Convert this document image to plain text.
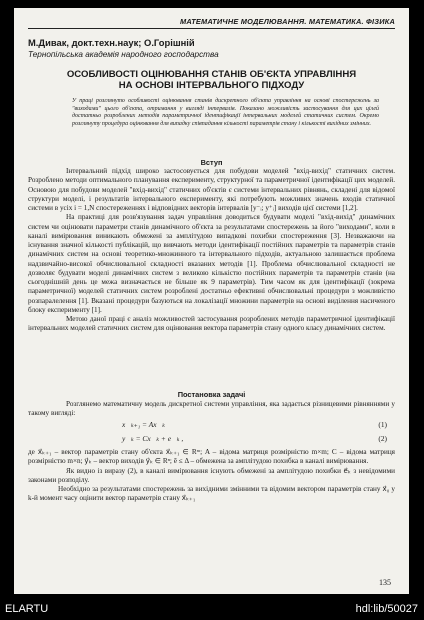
МАТЕМАТИЧНЕ МОДЕЛЮВАННЯ. МАТЕМАТИКА. ФІЗИКА
М.Дивак, докт.техн.наук; О.Горішній
Тернопільська академія народного господарства
ОСОБЛИВОСТІ ОЦІНЮВАННЯ СТАНІВ ОБ'ЄКТА УПРАВЛІННЯ
НА ОСНОВІ ІНТЕРВАЛЬНОГО ПІДХОДУ
У праці розглянуто особливості оцінювання станів дискретного об'єкта управління на основі спостережень за "виходами" цього об'єкта, отримання у вигляді інтервалів. Показано можливість застосування для цих цілей достатньо розроблених методів параметричної ідентифікації інтервальних моделей статичних систем. Окремо розглянуту процедура оцінювання для випадку співпадання кількості параметрів стану і кількості вихідних змінних.
Вступ

Інтервальний підхід широко застосовується для побудови моделей "вхід-вихід" статичних систем. Розроблено методи оптимального планування експерименту, структурної та параметричної ідентифікації цих моделей. Основою для побудови моделей "вхід-вихід" статичних об'єктів є системи інтервальних рівнянь, складені для відомої структури моделі, і результатів інтервального експерименту, які потребують можливих значень входів статичної системи в усіх i = 1,N спостереженнях і відповідних векторів інтервалів [y⁻ᵢ; y⁺ᵢ] виходів цієї системи [1,2].

На практиці для розв'язування задач управління доводиться будувати моделі "вхід-вихід" динамічних систем чи оцінювати параметри станів динамічного об'єкта за результатами спостережень за його "виходами", коли в каналі вимірювання виникають обмежені за амплітудою випадкові похибки спостереження [3]. Незважаючи на існування значної кількості публікацій, що вивчають методи ідентифікації постійних параметрів та параметрів станів динамічних систем на основі теоретико-множинного та інтервального підходів, актуальною залишається проблема надзвичайно-високої обчислювальної складності вказаних методів [1]. Проблема обчислювальної складності не дозволяє будувати моделі динамічних систем з великою кількістю постійних параметрів та параметрів станів (на сьогоднішній день це межа визначається не більше як 9 параметрів). Тим часом як для ідентифікації (зокрема параметричної) моделей статичних систем розроблені достатньо ефективні обчислювальні процедури з можливістю розпаралелення [1]. Вказані процедури базуються на локалізації множини параметрів на основі виділення насиченого блоку експерименту [1].

Метою даної праці є аналіз можливостей застосування розроблених методів параметричної ідентифікації інтервальних моделей статичних систем для оцінювання вектора параметрів стану одного класу динамічних систем.

Постановка задачі

Розглянемо математичну модель дискретної системи управління, яка задається різницевими рівняннями у такому вигляді:

x⃗ₖ₊₁ = Ax⃗ₖ	(1)
y⃗ₖ = Cx⃗ₖ + e⃗ₖ ,	(2)

де x⃗ₖ₊₁ – вектор параметрів стану об'єкта x⃗ₖ₊₁ ∈ Rᵐ; A – відома матриця розмірністю m×m; C – відома матриця розмірністю m×n; y⃗ₖ – вектор виходів y⃗ₖ ∈ Rⁿ; ē ≤ Δ – обмежена за амплітудою похибка в каналі вимірювання.

Як видно із виразу (2), в каналі вимірювання існують обмежені за амплітудою похибки e⃗ₖ з невідомими законами розподілу.

Необхідно за результатами спостережень за вихідними змінними та відомим вектором параметрів стану x⃗₀ у k-й момент часу оцінити вектор параметрів стану x⃗ₖ₊₁

135
ELARTU	hdl:lib/50027
